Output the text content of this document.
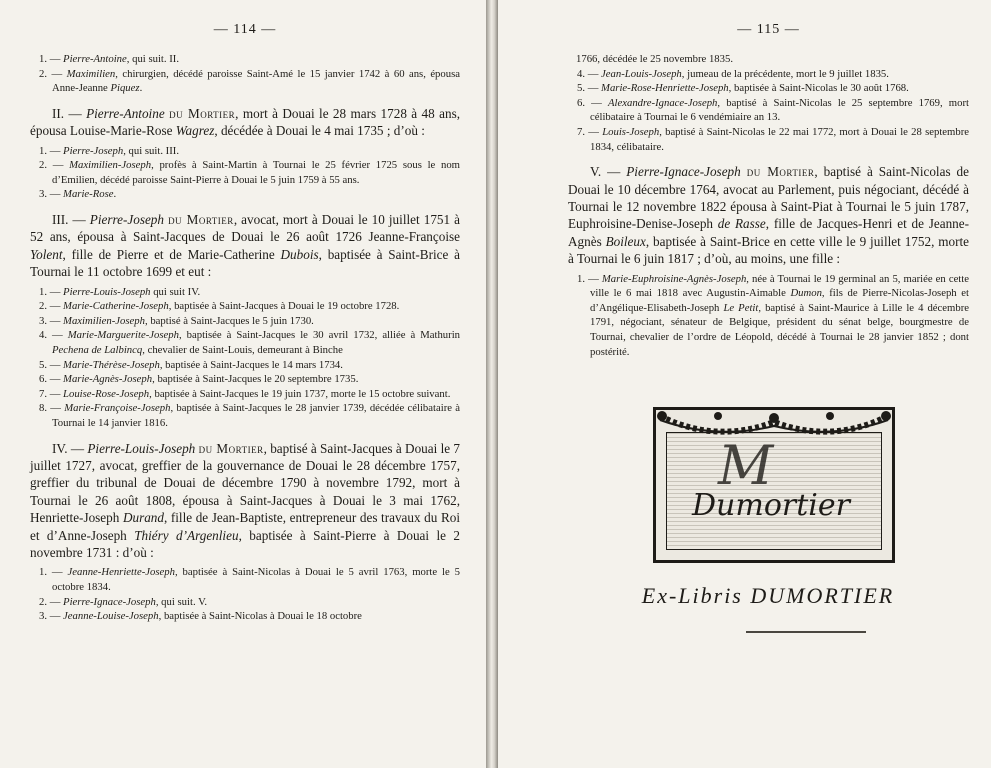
— 114 —

1. — Pierre-Antoine, qui suit. II.

2. — Maximilien, chirurgien, décédé paroisse Saint-Amé le 15 janvier 1742 à 60 ans, épousa Anne-Jeanne Piquez.

II. — Pierre-Antoine du Mortier, mort à Douai le 28 mars 1728 à 48 ans, épousa Louise-Marie-Rose Wagrez, décédée à Douai le 4 mai 1735 ; d’où :

1. — Pierre-Joseph, qui suit. III.

2. — Maximilien-Joseph, profès à Saint-Martin à Tournai le 25 février 1725 sous le nom d’Emilien, décédé paroisse Saint-Pierre à Douai le 5 juin 1759 à 55 ans.

3. — Marie-Rose.

III. — Pierre-Joseph du Mortier, avocat, mort à Douai le 10 juillet 1751 à 52 ans, épousa à Saint-Jacques de Douai le 26 août 1726 Jeanne-Françoise Yolent, fille de Pierre et de Marie-Catherine Dubois, baptisée à Saint-Brice à Tournai le 11 octobre 1699 et eut :

1. — Pierre-Louis-Joseph qui suit IV.

2. — Marie-Catherine-Joseph, baptisée à Saint-Jacques à Douai le 19 octobre 1728.

3. — Maximilien-Joseph, baptisé à Saint-Jacques le 5 juin 1730.

4. — Marie-Marguerite-Joseph, baptisée à Saint-Jacques le 30 avril 1732, alliée à Mathurin Pechena de Lalbincq, chevalier de Saint-Louis, demeurant à Binche

5. — Marie-Thérèse-Joseph, baptisée à Saint-Jacques le 14 mars 1734.

6. — Marie-Agnès-Joseph, baptisée à Saint-Jacques le 20 septembre 1735.

7. — Louise-Rose-Joseph, baptisée à Saint-Jacques le 19 juin 1737, morte le 15 octobre suivant.

8. — Marie-Françoise-Joseph, baptisée à Saint-Jacques le 28 janvier 1739, décédée célibataire à Tournai le 14 janvier 1816.

IV. — Pierre-Louis-Joseph du Mortier, baptisé à Saint-Jacques à Douai le 7 juillet 1727, avocat, greffier de la gouvernance de Douai le 28 décembre 1757, greffier du tribunal de Douai de décembre 1790 à novembre 1792, mort à Tournai le 26 août 1808, épousa à Saint-Jacques à Douai le 3 mai 1762, Henriette-Joseph Durand, fille de Jean-Baptiste, entrepreneur des travaux du Roi et d’Anne-Joseph Thiéry d’Argenlieu, baptisée à Saint-Pierre à Douai le 2 novembre 1731 : d’où :

1. — Jeanne-Henriette-Joseph, baptisée à Saint-Nicolas à Douai le 5 avril 1763, morte le 5 octobre 1834.

2. — Pierre-Ignace-Joseph, qui suit. V.

3. — Jeanne-Louise-Joseph, baptisée à Saint-Nicolas à Douai le 18 octobre

— 115 —

1766, décédée le 25 novembre 1835.

4. — Jean-Louis-Joseph, jumeau de la précédente, mort le 9 juillet 1835.

5. — Marie-Rose-Henriette-Joseph, baptisée à Saint-Nicolas le 30 août 1768.

6. — Alexandre-Ignace-Joseph, baptisé à Saint-Nicolas le 25 septembre 1769, mort célibataire à Tournai le 6 vendémiaire an 13.

7. — Louis-Joseph, baptisé à Saint-Nicolas le 22 mai 1772, mort à Douai le 28 septembre 1834, célibataire.

V. — Pierre-Ignace-Joseph du Mortier, baptisé à Saint-Nicolas de Douai le 10 décembre 1764, avocat au Parlement, puis négociant, décédé à Tournai le 12 novembre 1822 épousa à Saint-Piat à Tournai le 5 juin 1787, Euphroisine-Denise-Joseph de Rasse, fille de Jacques-Henri et de Jeanne-Agnès Boileux, baptisée à Saint-Brice en cette ville le 9 juillet 1752, morte à Tournai le 6 juin 1817 ; d’où, au moins, une fille :

1. — Marie-Euphroisine-Agnès-Joseph, née à Tournai le 19 germinal an 5, mariée en cette ville le 6 mai 1818 avec Augustin-Aimable Dumon, fils de Pierre-Nicolas-Joseph et d’Angélique-Elisabeth-Joseph Le Petit, baptisé à Saint-Maurice à Lille le 4 décembre 1791, négociant, sénateur de Belgique, président du sénat belge, bourgmestre de Tournai, chevalier de l’ordre de Léopold, décédé à Tournai le 28 janvier 1852 ; dont postérité.

M
Dumortier
Ex-Libris DUMORTIER
